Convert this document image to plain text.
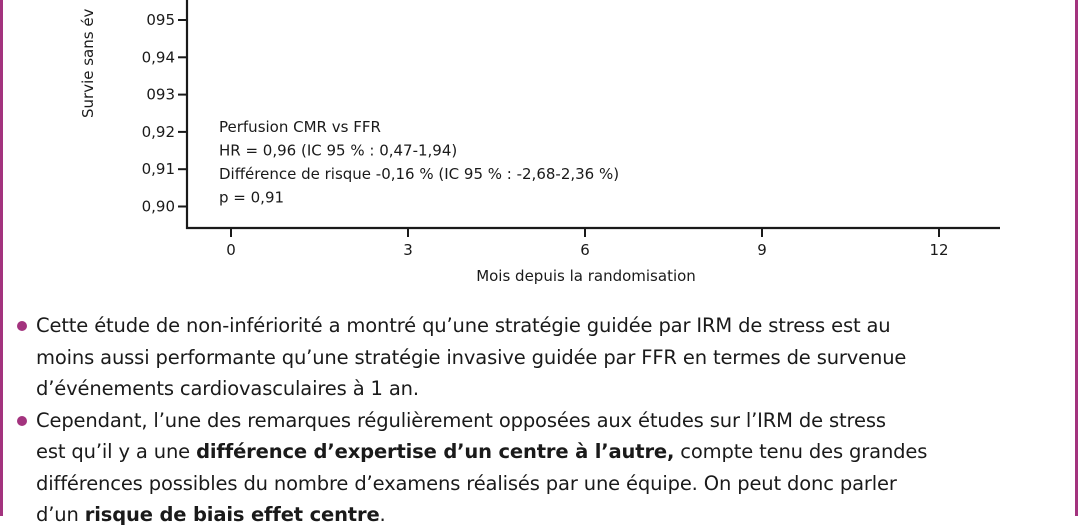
Survie sans év	095
0,94
093
0,92
0,91
0,90
0	3	6	9	12
Perfusion CMR vs FFR
HR = 0,96 (IC 95 % : 0,47-1,94)
Différence de risque -0,16 % (IC 95 % : -2,68-2,36 %)
p = 0,91
Mois depuis la randomisation
Cette étude de non-infériorité a montré qu’une stratégie guidée par IRM de stress est au
moins aussi performante qu’une stratégie invasive guidée par FFR en termes de survenue
d’événements cardiovasculaires à 1 an.
Cependant, l’une des remarques régulièrement opposées aux études sur l’IRM de stress
est qu’il y a une différence d’expertise d’un centre à l’autre, compte tenu des grandes
différences possibles du nombre d’examens réalisés par une équipe. On peut donc parler
d’un risque de biais effet centre.
